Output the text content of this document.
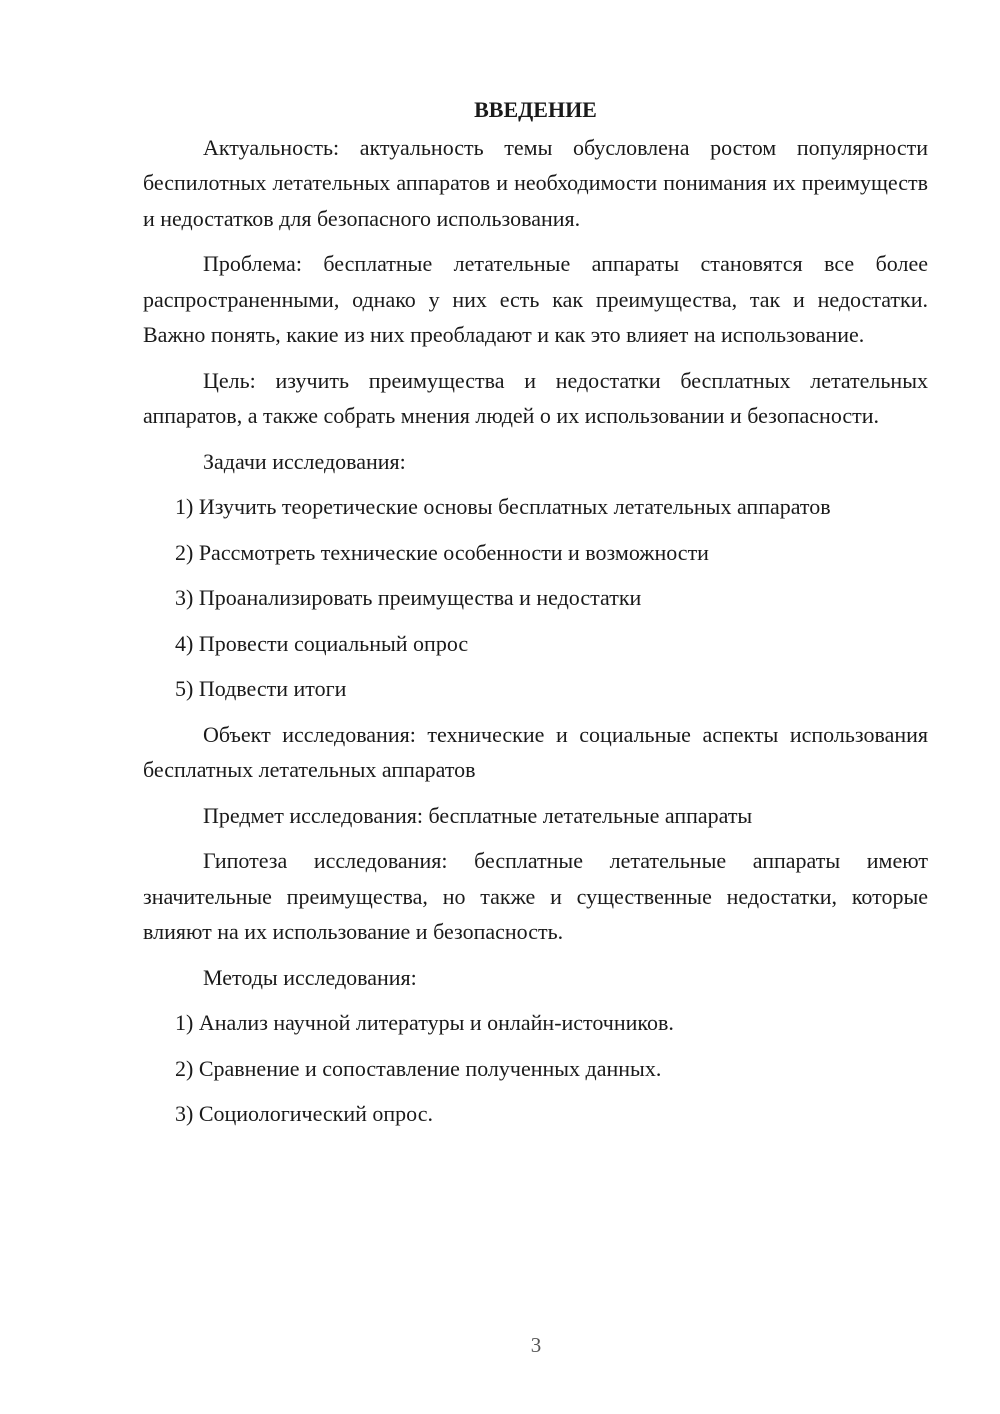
ВВЕДЕНИЕ

Актуальность: актуальность темы обусловлена ростом популярности беспилотных летательных аппаратов и необходимости понимания их преимуществ и недостатков для безопасного использования.

Проблема: бесплатные летательные аппараты становятся все более распространенными, однако у них есть как преимущества, так и недостатки. Важно понять, какие из них преобладают и как это влияет на использование.

Цель: изучить преимущества и недостатки бесплатных летательных аппаратов, а также собрать мнения людей о их использовании и безопасности.

Задачи исследования:

1) Изучить теоретические основы бесплатных летательных аппаратов

2) Рассмотреть технические особенности и возможности

3) Проанализировать преимущества и недостатки

4) Провести социальный опрос

5) Подвести итоги

Объект исследования: технические и социальные аспекты использования бесплатных летательных аппаратов

Предмет исследования: бесплатные летательные аппараты

Гипотеза исследования: бесплатные летательные аппараты имеют значительные преимущества, но также и существенные недостатки, которые влияют на их использование и безопасность.

Методы исследования:

1) Анализ научной литературы и онлайн-источников.

2) Сравнение и сопоставление полученных данных.

3) Социологический опрос.

3
